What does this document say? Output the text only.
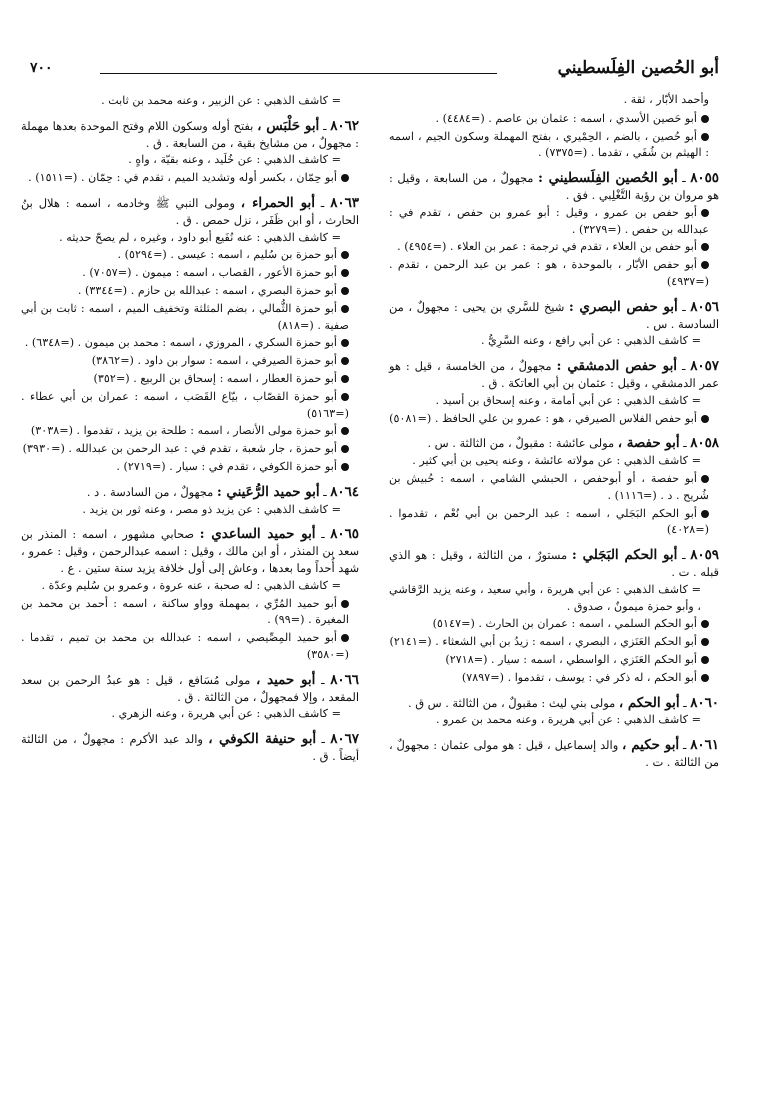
أبو الحُصين الفِلَسطيني
٧٠٠
وأحمد الأبّار ، ثقة .
أبو حَصين الأسدي ، اسمه : عثمان بن عاصم . (=٤٤٨٤) .
أبو حُصين ، بالضم ، الحِمْيري ، بفتح المهملة وسكون الجيم ، اسمه : الهيثم بن شُفَي ، تقدما . (=٧٣٧٥) .
٨٠٥٥ ـ أبو الحُصين الفِلَسطيني : مجهولٌ ، من السابعة ، وقيل : هو مروان بن رؤبة التَّغْلِبي . فق .
أبو حفص بن عمرو ، وقيل : أبو عمرو بن حفص ، تقدم في : عبدالله بن حفص . (=٣٢٧٩) .
أبو حفص بن العلاء ، تقدم في ترجمة : عمر بن العلاء . (=٤٩٥٤) .
أبو حفص الأبّار ، بالموحدة ، هو : عمر بن عبد الرحمن ، تقدم . (=٤٩٣٧)
٨٠٥٦ ـ أبو حفص البصري : شيخ للسَّري بن يحيى : مجهولٌ ، من السادسة . س .
= كاشف الذهبي : عن أبي رافع ، وعنه السَّرِيُّ .
٨٠٥٧ ـ أبو حفص الدمشقي : مجهولٌ ، من الخامسة ، قيل : هو عمر الدمشقي ، وقيل : عثمان بن أبي العاتكة . ق .
= كاشف الذهبي : عن أبي أمامة ، وعنه إسحاق بن أسيد .
أبو حفص الفلاس الصيرفي ، هو : عمرو بن علي الحافظ . (=٥٠٨١)
٨٠٥٨ ـ أبو حفصة ، مولى عائشة : مقبولٌ ، من الثالثة . س .
= كاشف الذهبي : عن مولاته عائشة ، وعنه يحيى بن أبي كثير .
أبو حفصة ، أو أبوحفص ، الحبشي الشامي ، اسمه : حُبيش بن شُريح . د . (=١١١٦) .
أبو الحكم البَجَلي ، اسمه : عبد الرحمن بن أبي نُعْم ، تقدموا . (=٤٠٢٨)
٨٠٥٩ ـ أبو الحكم البَجَلي : مستورٌ ، من الثالثة ، وقيل : هو الذي قبله . ت .
= كاشف الذهبي : عن أبي هريرة ، وأبي سعيد ، وعنه يزيد الرَّقاشي ، وأبو حمزة ميمونٌ ، صدوق .
أبو الحكم السلمي ، اسمه : عمران بن الحارث . (=٥١٤٧)
أبو الحكم العَنَزي ، البصري ، اسمه : زيدُ بن أبي الشعثاء . (=٢١٤١)
أبو الحكم العَنَزي ، الواسطي ، اسمه : سيار . (=٢٧١٨)
أبو الحكم ، له ذكر في : يوسف ، تقدموا . (=٧٨٩٧)
٨٠٦٠ ـ أبو الحكم ، مولى بني ليث : مقبولٌ ، من الثالثة . س ق .
= كاشف الذهبي : عن أبي هريرة ، وعنه محمد بن عمرو .
٨٠٦١ ـ أبو حكيم ، والد إسماعيل ، قيل : هو مولى عثمان : مجهولٌ ، من الثالثة . ت .
= كاشف الذهبي : عن الزبير ، وعنه محمد بن ثابت .
٨٠٦٢ ـ أبو حَلْبَس ، بفتح أوله وسكون اللام وفتح الموحدة بعدها مهملة : مجهولٌ ، من مشايخ بقية ، من السابعة . ق .
= كاشف الذهبي : عن خُلَيد ، وعنه بقيّة ، واهٍ .
أبو حِمّان ، بكسر أوله وتشديد الميم ، تقدم في : حِمّان . (=١٥١١) .
٨٠٦٣ ـ أبو الحمراء ، ومولى النبي ﷺ وخادمه ، اسمه : هلال بنُ الحارث ، أو ابن ظَفَر ، نزل حمص . ق .
= كاشف الذهبي : عنه نُفَيع أبو داود ، وغيره ، لم يصحّ حديثه .
أبو حمزة بن سُليم ، اسمه : عيسى . (=٥٢٩٤) .
أبو حمزة الأعور ، القصاب ، اسمه : ميمون . (=٧٠٥٧) .
أبو حمزة البصري ، اسمه : عبدالله بن حازم . (=٣٣٤٤) .
أبو حمزة الثُّمالي ، بضم المثلثة وتخفيف الميم ، اسمه : ثابت بن أبي صفية . (=٨١٨)
أبو حمزة السكري ، المروزي ، اسمه : محمد بن ميمون . (=٦٣٤٨) .
أبو حمزة الصيرفي ، اسمه : سوار بن داود . (=٣٨٦٢)
أبو حمزة العطار ، اسمه : إسحاق بن الربيع . (=٣٥٢)
أبو حمزة القصّاب ، بيّاع القَصَب ، اسمه : عمران بن أبي عطاء . (=٥١٦٣)
أبو حمزة مولى الأنصار ، اسمه : طلحة بن يزيد ، تقدموا . (=٣٠٣٨)
أبو حمزة ، جار شعبة ، تقدم في : عبد الرحمن بن عبدالله . (=٣٩٣٠)
أبو حمزة الكوفي ، تقدم في : سيار . (=٢٧١٩) .
٨٠٦٤ ـ أبو حميد الرُّعَيني : مجهولٌ ، من السادسة . د .
= كاشف الذهبي : عن يزيد ذو مصر ، وعنه ثور بن يزيد .
٨٠٦٥ ـ أبو حميد الساعدي : صحابي مشهور ، اسمه : المنذر بن سعد بن المنذر ، أو ابن مالك ، وقيل : اسمه عبدالرحمن ، وقيل : عمرو ، شهد أُحداً وما بعدها ، وعاش إلى أول خلافة يزيد سنة ستين . ع .
= كاشف الذهبي : له صحبة ، عنه عروة ، وعمرو بن سُليم وعدّة .
أبو حميد المُرِّي ، بمهملة وواو ساكنة ، اسمه : أحمد بن محمد بن المغيرة . (=٩٩) .
أبو حميد المِصِّيصي ، اسمه : عبدالله بن محمد بن تميم ، تقدما . (=٣٥٨٠)
٨٠٦٦ ـ أبو حميد ، مولى مُسَافع ، قيل : هو عبدُ الرحمن بن سعد المقعد ، وإلا فمجهولٌ ، من الثالثة . ق .
= كاشف الذهبي : عن أبي هريرة ، وعنه الزهري .
٨٠٦٧ ـ أبو حنيفة الكوفي ، والد عبد الأكرم : مجهولٌ ، من الثالثة أيضاً . ق .
